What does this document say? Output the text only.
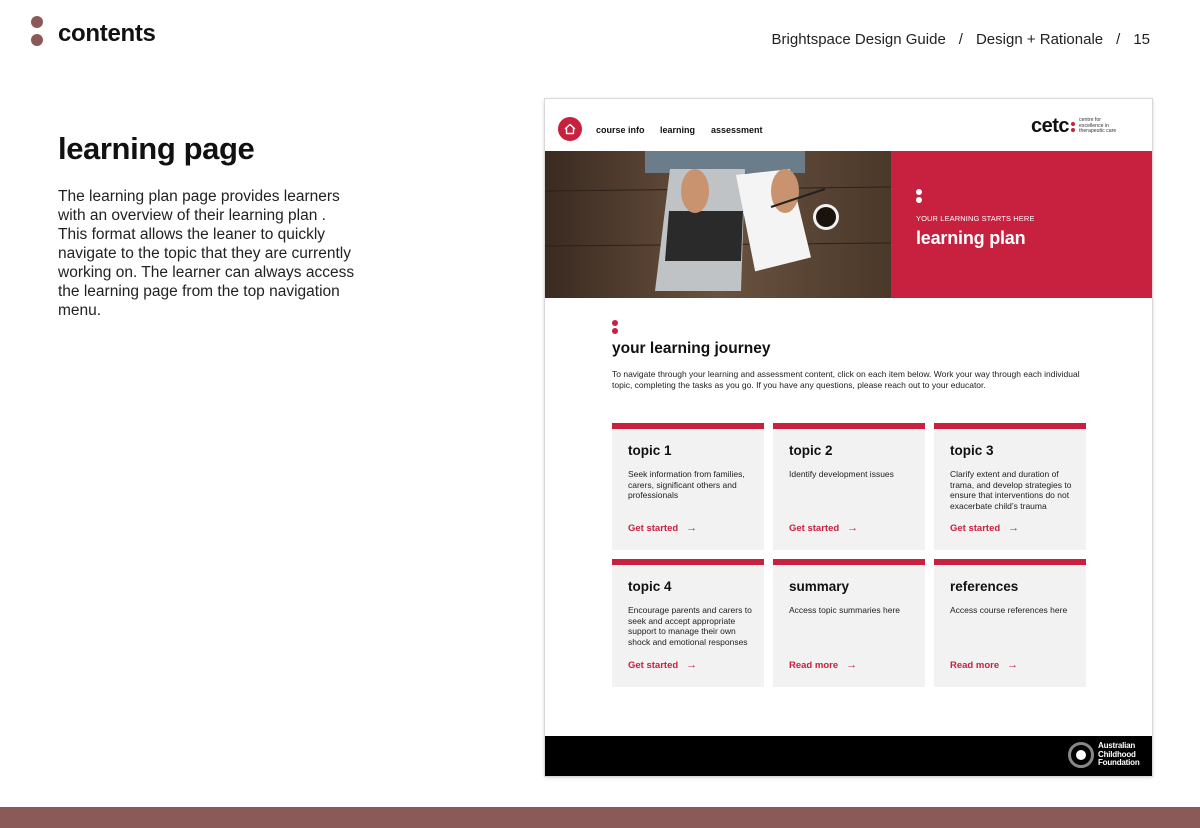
contents	Brightspace Design Guide / Design + Rationale / 15
learning page
The learning plan page provides learners with an overview of their learning plan . This format allows the leaner to quickly navigate to the topic that they are currently working on. The learner can always access the learning page from the top navigation menu.
course info learning assessment	cetc centre for excellence in therapeutic care
YOUR LEARNING STARTS HERE
learning plan
your learning journey
To navigate through your learning and assessment content, click on each item below. Work your way through each individual topic, completing the tasks as you go. If you have any questions, please reach out to your educator.
topic 1
Seek information from families, carers, significant others and professionals
Get started →
topic 2
Identify development issues
Get started →
topic 3
Clarify extent and duration of trama, and develop strategies to ensure that interventions do not exacerbate child’s trauma
Get started →
topic 4
Encourage parents and carers to seek and accept appropriate support to manage their own shock and emotional responses
Get started →
summary
Access topic summaries here
Read more →
references
Access course references here
Read more →
Australian Childhood Foundation
